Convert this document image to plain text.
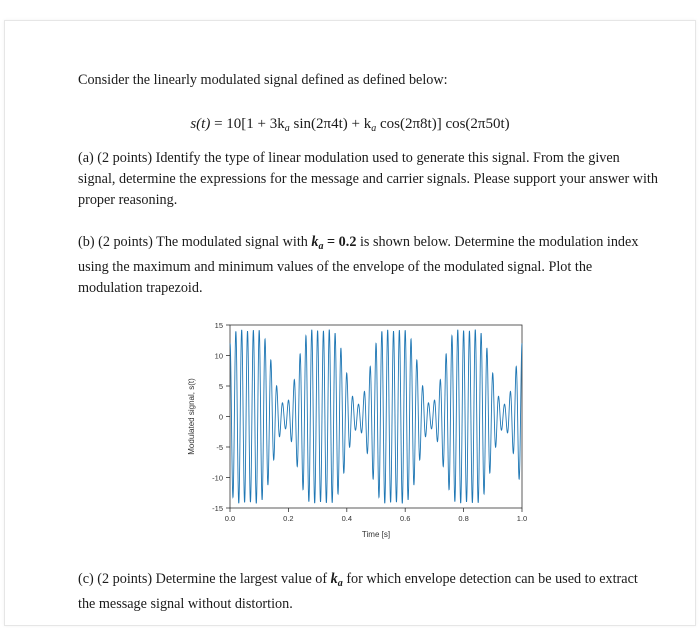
Consider the linearly modulated signal defined as defined below:
$s(t) = 10[1 + 3k_a$ $\sin(2\pi 4t) + k_a$ cos(2π8t)] cos(2π50t)
(a) (2 points) Identify the type of linear modulation used to generate this signal. From the given signal, determine the expressions for the message and carrier signals. Please support your answer with proper reasoning.
(b) (2 points) The modulated signal with $k_a = 0.2$ is shown below. Determine the modulation index using the maximum and minimum values of the envelope of the modulated signal. Plot the modulation trapezoid.
15
10
5
0
-5
-10
-15
0.0	0.2	0.4	0.6	0.8	1.0
Time [s]
Modulated signal, s(t)
(c) (2 points) Determine the largest value of $k_a$ for which envelope detection can be used to extract the message signal without distortion.
